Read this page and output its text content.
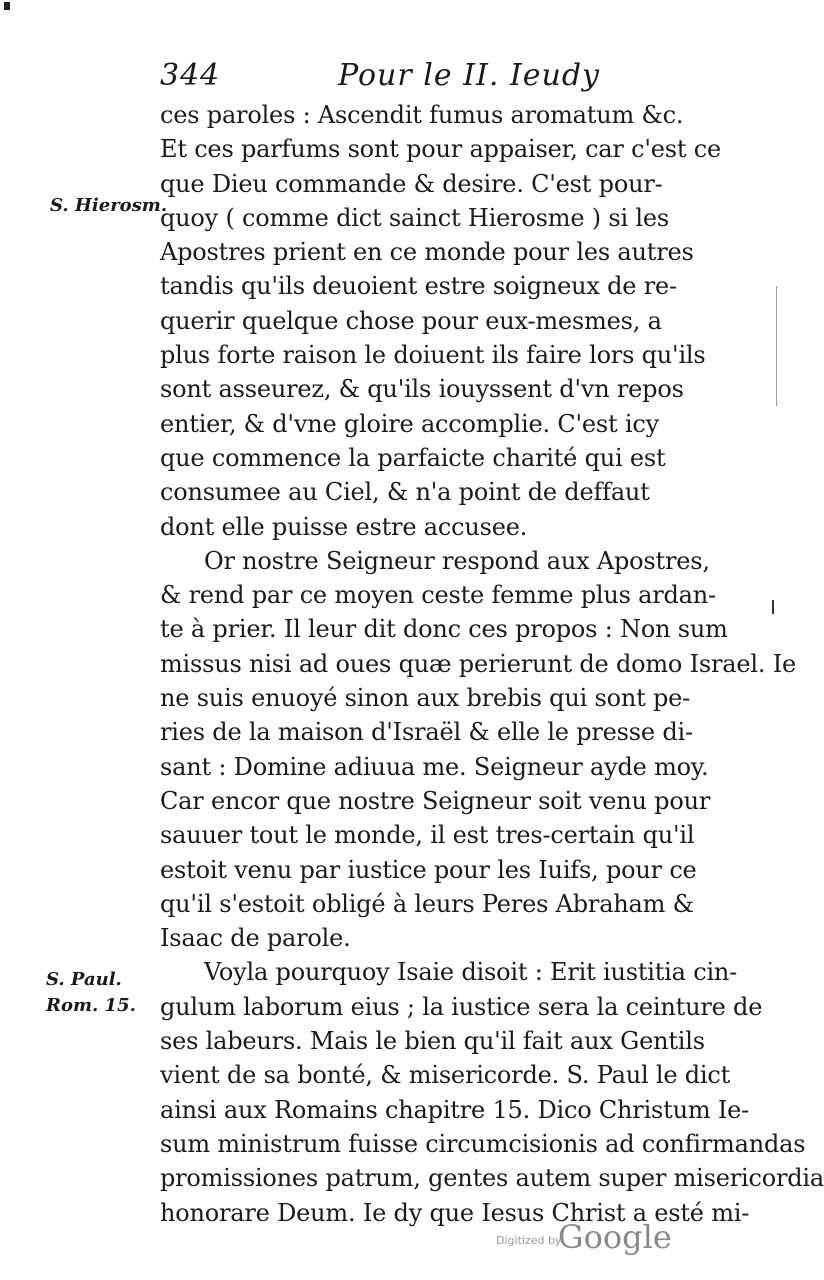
344	Pour le II. Ieudy
ces paroles : Ascendit fumus aromatum &c.
Et ces parfums sont pour appaiser, car c'est ce
que Dieu commande & desire. C'est pour-
quoy ( comme dict sainct Hierosme ) si les
Apostres prient en ce monde pour les autres
tandis qu'ils deuoient estre soigneux de re-
querir quelque chose pour eux-mesmes, a
plus forte raison le doiuent ils faire lors qu'ils
sont asseurez, & qu'ils iouyssent d'vn repos
entier, & d'vne gloire accomplie. C'est icy
que commence la parfaicte charité qui est
consumee au Ciel, & n'a point de deffaut
dont elle puisse estre accusee.
Or nostre Seigneur respond aux Apostres,
& rend par ce moyen ceste femme plus ardan-
te à prier. Il leur dit donc ces propos : Non sum
missus nisi ad oues quæ perierunt de domo Israel. Ie
ne suis enuoyé sinon aux brebis qui sont pe-
ries de la maison d'Israël & elle le presse di-
sant : Domine adiuua me. Seigneur ayde moy.
Car encor que nostre Seigneur soit venu pour
sauuer tout le monde, il est tres-certain qu'il
estoit venu par iustice pour les Iuifs, pour ce
qu'il s'estoit obligé à leurs Peres Abraham &
Isaac de parole.
Voyla pourquoy Isaie disoit : Erit iustitia cin-
gulum laborum eius ; la iustice sera la ceinture de
ses labeurs. Mais le bien qu'il fait aux Gentils
vient de sa bonté, & misericorde. S. Paul le dict
ainsi aux Romains chapitre 15. Dico Christum Ie-
sum ministrum fuisse circumcisionis ad confirmandas
promissiones patrum, gentes autem super misericordia
honorare Deum. Ie dy que Iesus Christ a esté mi-
S. Hierosm.
S. Paul.
Rom. 15.
Digitized by
Google
